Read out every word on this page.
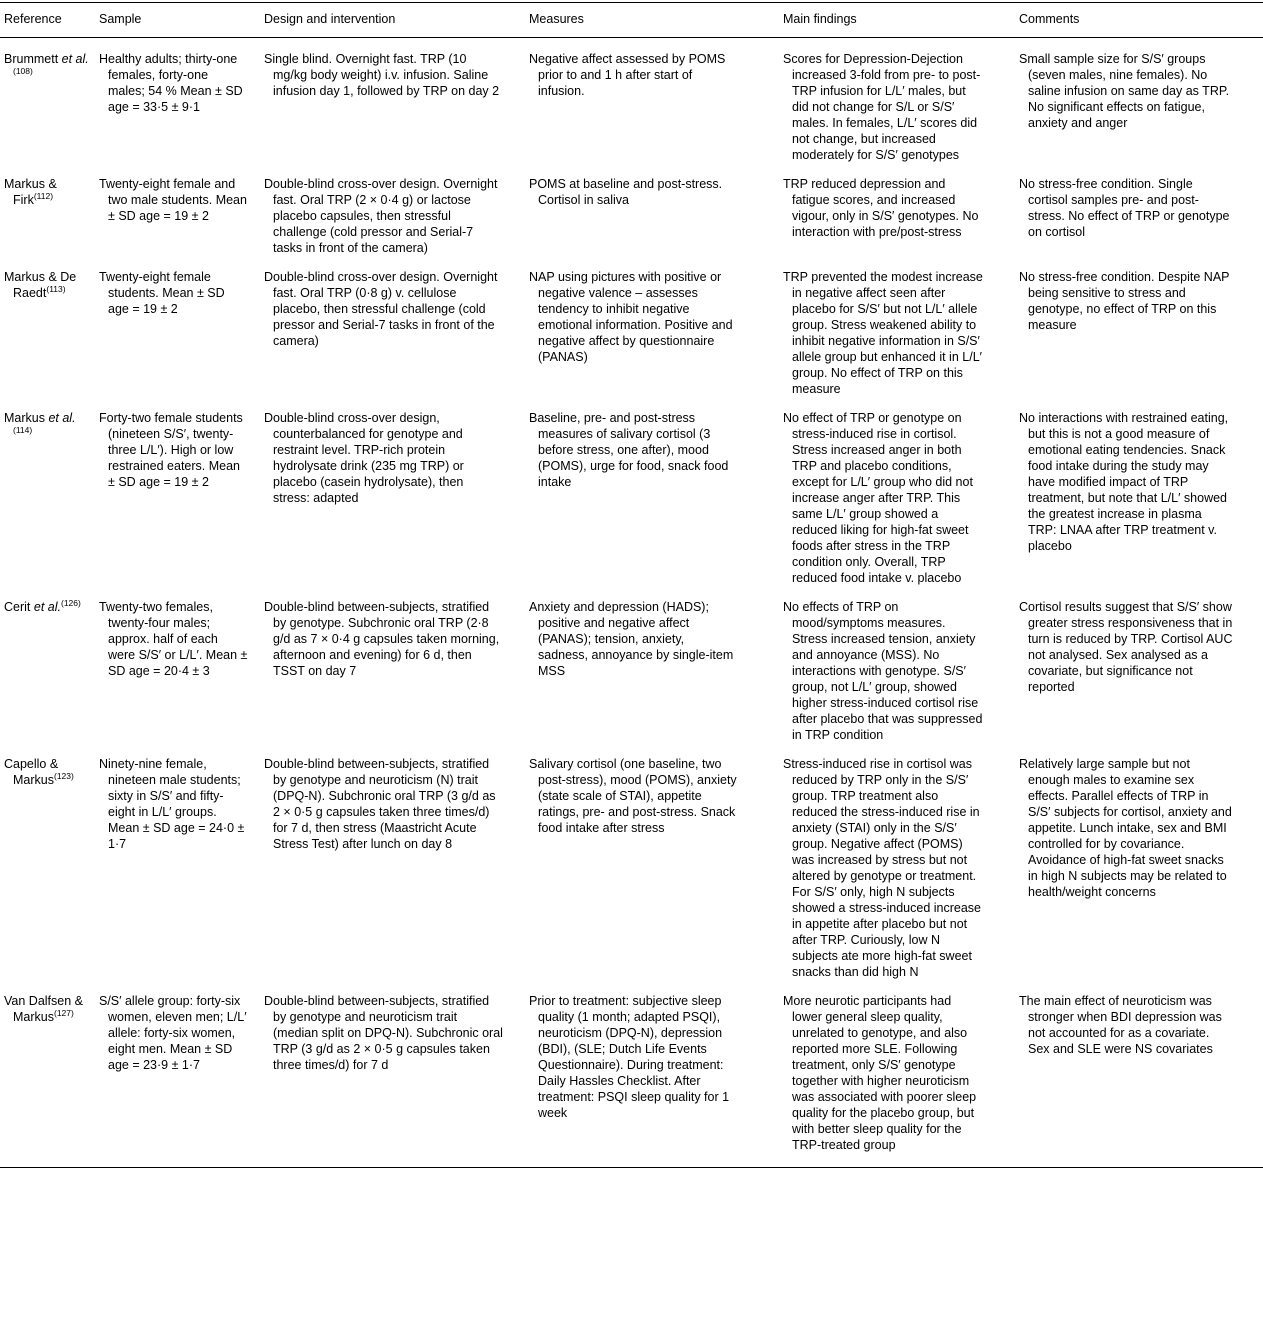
Reference	Sample	Design and intervention	Measures	Main findings	Comments
Brummett et al.$^{(108)}$	Healthy adults; thirty-one females, forty-one males; 54 % Mean ± SD age = 33·5 ± 9·1	Single blind. Overnight fast. TRP (10 mg/kg body weight) i.v. infusion. Saline infusion day 1, followed by TRP on day 2	Negative affect assessed by POMS prior to and 1 h after start of infusion.	Scores for Depression-Dejection increased 3-fold from pre- to post-TRP infusion for L/L′ males, but did not change for S/L or S/S′ males. In females, L/L′ scores did not change, but increased moderately for S/S′ genotypes	Small sample size for S/S′ groups (seven males, nine females). No saline infusion on same day as TRP. No significant effects on fatigue, anxiety and anger
Markus & Firk$^{(112)}$	Twenty-eight female and two male students. Mean ± SD age = 19 ± 2	Double-blind cross-over design. Overnight fast. Oral TRP (2 × 0·4 g) or lactose placebo capsules, then stressful challenge (cold pressor and Serial-7 tasks in front of the camera)	POMS at baseline and post-stress. Cortisol in saliva	TRP reduced depression and fatigue scores, and increased vigour, only in S/S′ genotypes. No interaction with pre/post-stress	No stress-free condition. Single cortisol samples pre- and post-stress. No effect of TRP or genotype on cortisol
Markus & De Raedt$^{(113)}$	Twenty-eight female students. Mean ± SD age = 19 ± 2	Double-blind cross-over design. Overnight fast. Oral TRP (0·8 g) v. cellulose placebo, then stressful challenge (cold pressor and Serial-7 tasks in front of the camera)	NAP using pictures with positive or negative valence – assesses tendency to inhibit negative emotional information. Positive and negative affect by questionnaire (PANAS)	TRP prevented the modest increase in negative affect seen after placebo for S/S′ but not L/L′ allele group. Stress weakened ability to inhibit negative information in S/S′ allele group but enhanced it in L/L′ group. No effect of TRP on this measure	No stress-free condition. Despite NAP being sensitive to stress and genotype, no effect of TRP on this measure
Markus et al.$^{(114)}$	Forty-two female students (nineteen S/S′, twenty-three L/L′). High or low restrained eaters. Mean ± SD age = 19 ± 2	Double-blind cross-over design, counterbalanced for genotype and restraint level. TRP-rich protein hydrolysate drink (235 mg TRP) or placebo (casein hydrolysate), then stress: adapted	Baseline, pre- and post-stress measures of salivary cortisol (3 before stress, one after), mood (POMS), urge for food, snack food intake	No effect of TRP or genotype on stress-induced rise in cortisol. Stress increased anger in both TRP and placebo conditions, except for L/L′ group who did not increase anger after TRP. This same L/L′ group showed a reduced liking for high-fat sweet foods after stress in the TRP condition only. Overall, TRP reduced food intake v. placebo	No interactions with restrained eating, but this is not a good measure of emotional eating tendencies. Snack food intake during the study may have modified impact of TRP treatment, but note that L/L′ showed the greatest increase in plasma TRP: LNAA after TRP treatment v. placebo
Cerit et al.$^{(126)}$	Twenty-two females, twenty-four males; approx. half of each were S/S′ or L/L′. Mean ± SD age = 20·4 ± 3	Double-blind between-subjects, stratified by genotype. Subchronic oral TRP (2·8 g/d as 7 × 0·4 g capsules taken morning, afternoon and evening) for 6 d, then TSST on day 7	Anxiety and depression (HADS); positive and negative affect (PANAS); tension, anxiety, sadness, annoyance by single-item MSS	No effects of TRP on mood/symptoms measures. Stress increased tension, anxiety and annoyance (MSS). No interactions with genotype. S/S′ group, not L/L′ group, showed higher stress-induced cortisol rise after placebo that was suppressed in TRP condition	Cortisol results suggest that S/S′ show greater stress responsiveness that in turn is reduced by TRP. Cortisol AUC not analysed. Sex analysed as a covariate, but significance not reported
Capello & Markus$^{(123)}$	Ninety-nine female, nineteen male students; sixty in S/S′ and fifty-eight in L/L′ groups. Mean ± SD age = 24·0 ± 1·7	Double-blind between-subjects, stratified by genotype and neuroticism (N) trait (DPQ-N). Subchronic oral TRP (3 g/d as 2 × 0·5 g capsules taken three times/d) for 7 d, then stress (Maastricht Acute Stress Test) after lunch on day 8	Salivary cortisol (one baseline, two post-stress), mood (POMS), anxiety (state scale of STAI), appetite ratings, pre- and post-stress. Snack food intake after stress	Stress-induced rise in cortisol was reduced by TRP only in the S/S′ group. TRP treatment also reduced the stress-induced rise in anxiety (STAI) only in the S/S′ group. Negative affect (POMS) was increased by stress but not altered by genotype or treatment. For S/S′ only, high N subjects showed a stress-induced increase in appetite after placebo but not after TRP. Curiously, low N subjects ate more high-fat sweet snacks than did high N	Relatively large sample but not enough males to examine sex effects. Parallel effects of TRP in S/S′ subjects for cortisol, anxiety and appetite. Lunch intake, sex and BMI controlled for by covariance. Avoidance of high-fat sweet snacks in high N subjects may be related to health/weight concerns
Van Dalfsen & Markus$^{(127)}$	S/S′ allele group: forty-six women, eleven men; L/L′ allele: forty-six women, eight men. Mean ± SD age = 23·9 ± 1·7	Double-blind between-subjects, stratified by genotype and neuroticism trait (median split on DPQ-N). Subchronic oral TRP (3 g/d as 2 × 0·5 g capsules taken three times/d) for 7 d	Prior to treatment: subjective sleep quality (1 month; adapted PSQI), neuroticism (DPQ-N), depression (BDI), (SLE; Dutch Life Events Questionnaire). During treatment: Daily Hassles Checklist. After treatment: PSQI sleep quality for 1 week	More neurotic participants had lower general sleep quality, unrelated to genotype, and also reported more SLE. Following treatment, only S/S′ genotype together with higher neuroticism was associated with poorer sleep quality for the placebo group, but with better sleep quality for the TRP-treated group	The main effect of neuroticism was stronger when BDI depression was not accounted for as a covariate. Sex and SLE were NS covariates
